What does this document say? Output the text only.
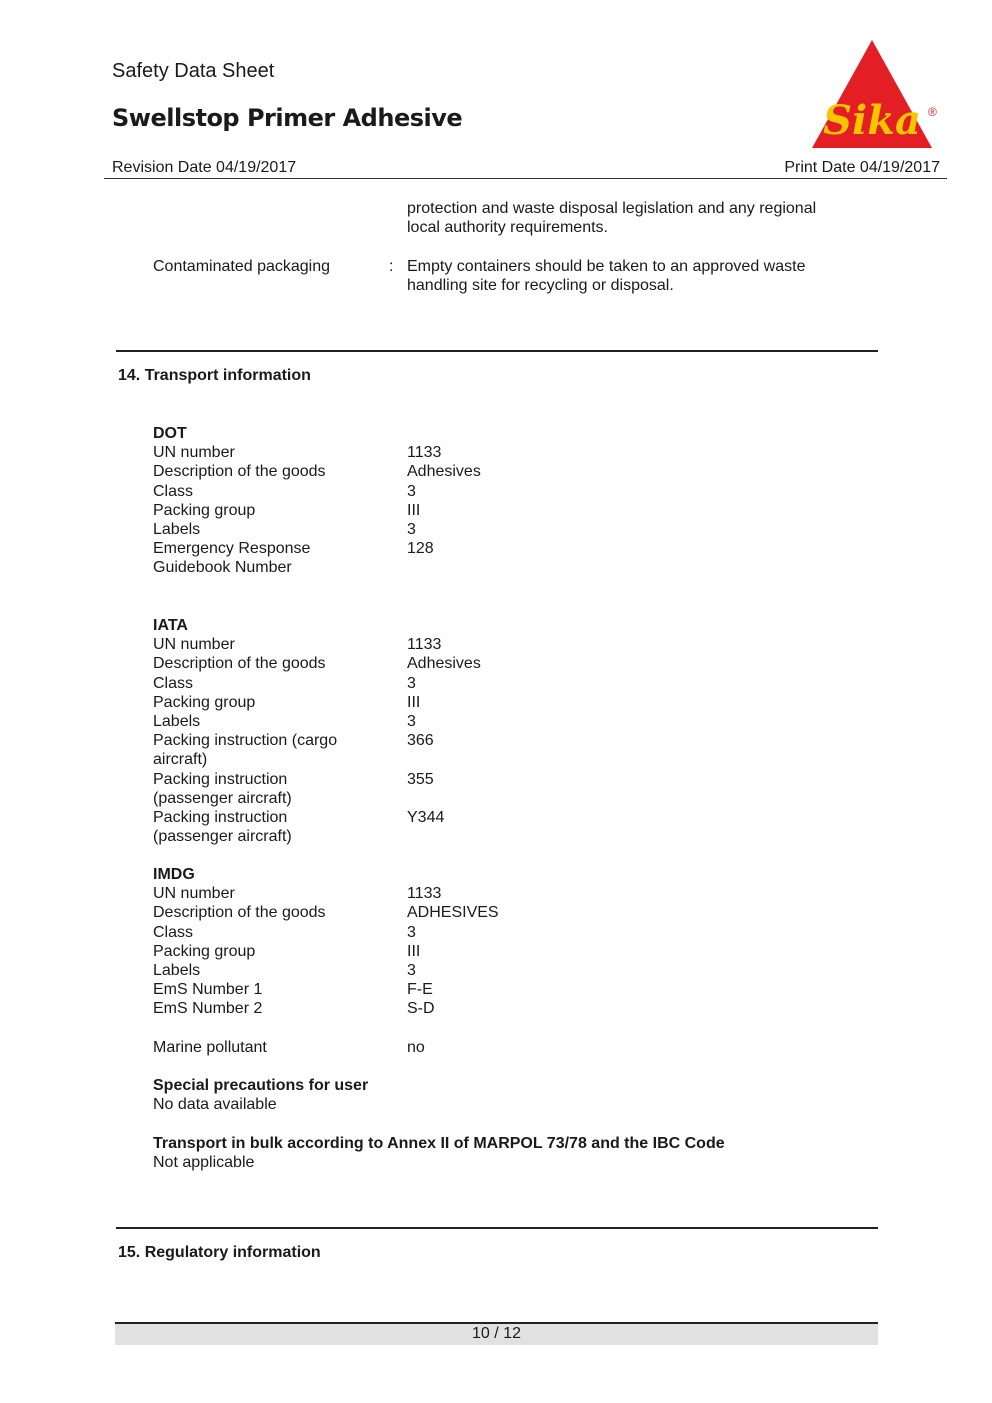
Safety Data Sheet
Swellstop Primer Adhesive
Revision Date 04/19/2017	Print Date 04/19/2017
Sika ®
protection and waste disposal legislation and any regional
local authority requirements.
Contaminated packaging	: Empty containers should be taken to an approved waste
handling site for recycling or disposal.
14. Transport information
DOT
UN number	1133
Description of the goods	Adhesives
Class	3
Packing group	III
Labels	3
Emergency Response	128
Guidebook Number
IATA
UN number	1133
Description of the goods	Adhesives
Class	3
Packing group	III
Labels	3
Packing instruction (cargo	366
aircraft)
Packing instruction	355
(passenger aircraft)
Packing instruction	Y344
(passenger aircraft)
IMDG
UN number	1133
Description of the goods	ADHESIVES
Class	3
Packing group	III
Labels	3
EmS Number 1	F-E
EmS Number 2	S-D
Marine pollutant	no
Special precautions for user
No data available
Transport in bulk according to Annex II of MARPOL 73/78 and the IBC Code
Not applicable
15. Regulatory information
10 / 12
